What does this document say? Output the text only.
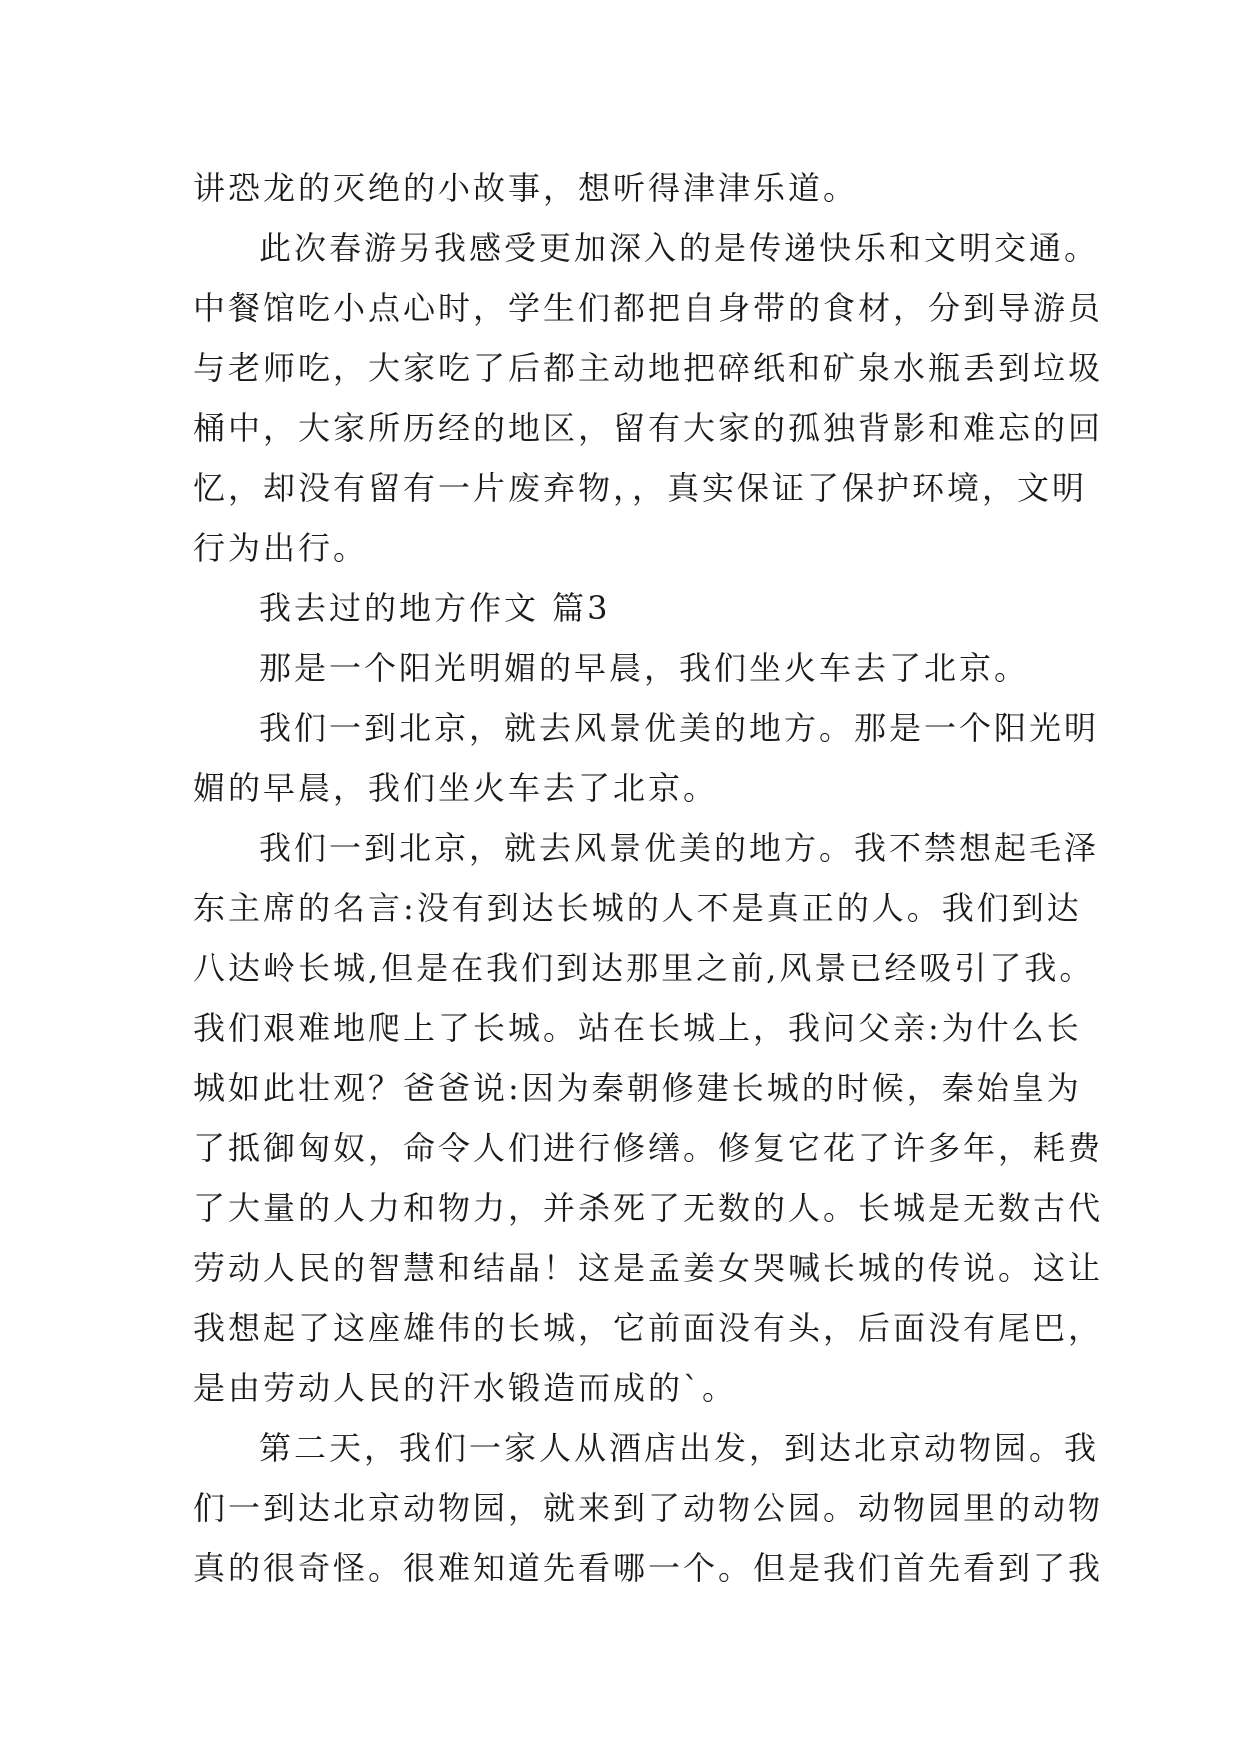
讲恐龙的灭绝的小故事，想听得津津乐道。
此次春游另我感受更加深入的是传递快乐和文明交通。
中餐馆吃小点心时，学生们都把自身带的食材，分到导游员
与老师吃，大家吃了后都主动地把碎纸和矿泉水瓶丢到垃圾
桶中，大家所历经的地区，留有大家的孤独背影和难忘的回
忆，却没有留有一片废弃物，，真实保证了保护环境，文明
行为出行。
我去过的地方作文 篇3
那是一个阳光明媚的早晨，我们坐火车去了北京。
我们一到北京，就去风景优美的地方。那是一个阳光明
媚的早晨，我们坐火车去了北京。
我们一到北京，就去风景优美的地方。我不禁想起毛泽
东主席的名言:没有到达长城的人不是真正的人。我们到达
八达岭长城,但是在我们到达那里之前,风景已经吸引了我。
我们艰难地爬上了长城。站在长城上，我问父亲:为什么长
城如此壮观？爸爸说:因为秦朝修建长城的时候，秦始皇为
了抵御匈奴，命令人们进行修缮。修复它花了许多年，耗费
了大量的人力和物力，并杀死了无数的人。长城是无数古代
劳动人民的智慧和结晶！这是孟姜女哭喊长城的传说。这让
我想起了这座雄伟的长城，它前面没有头，后面没有尾巴，
是由劳动人民的汗水锻造而成的`。
第二天，我们一家人从酒店出发，到达北京动物园。我
们一到达北京动物园，就来到了动物公园。动物园里的动物
真的很奇怪。很难知道先看哪一个。但是我们首先看到了我
